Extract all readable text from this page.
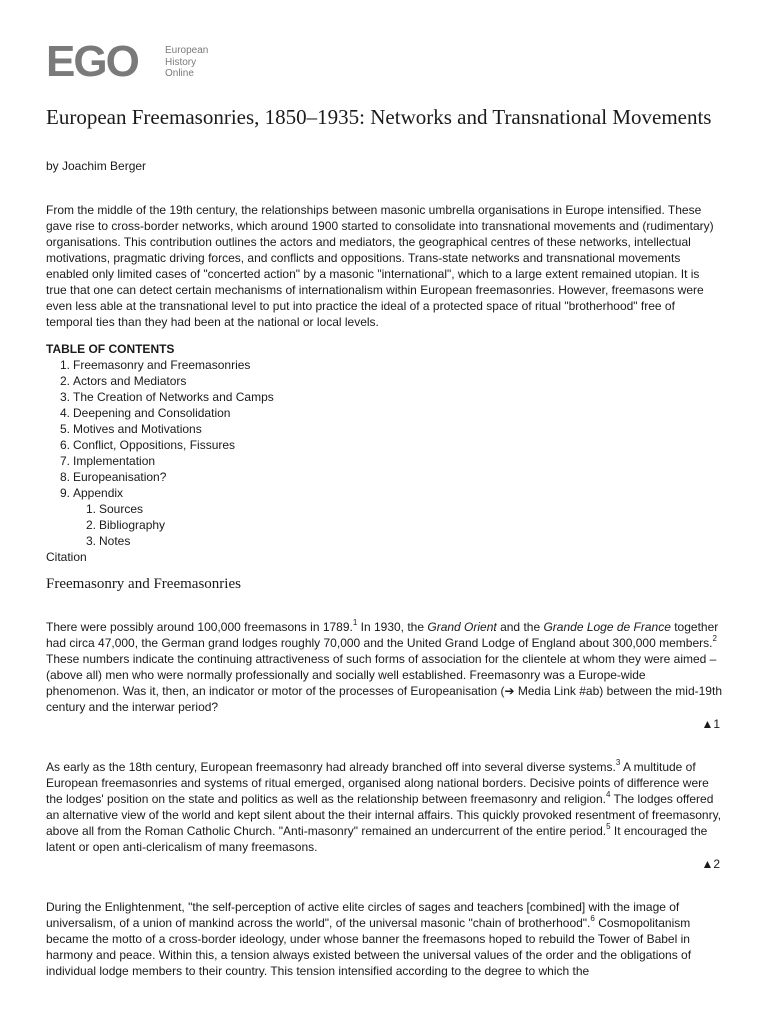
EGO	European
History
Online
European Freemasonries, 1850–1935: Networks and Transnational Movements
by Joachim Berger

From the middle of the 19th century, the relationships between masonic umbrella organisations in Europe intensified. These gave rise to cross-border networks, which around 1900 started to consolidate into transnational movements and (rudimentary) organisations. This contribution outlines the actors and mediators, the geographical centres of these networks, intellectual motivations, pragmatic driving forces, and conflicts and oppositions. Trans-state networks and transnational movements enabled only limited cases of "concerted action" by a masonic "international", which to a large extent remained utopian. It is true that one can detect certain mechanisms of internationalism within European freemasonries. However, freemasons were even less able at the transnational level to put into practice the ideal of a protected space of ritual "brotherhood" free of temporal ties than they had been at the national or local levels.

TABLE OF CONTENTS
1. Freemasonry and Freemasonries
2. Actors and Mediators
3. The Creation of Networks and Camps
4. Deepening and Consolidation
5. Motives and Motivations
6. Conflict, Oppositions, Fissures
7. Implementation
8. Europeanisation?
9. Appendix
1. Sources
2. Bibliography
3. Notes
Citation
Freemasonry and Freemasonries

There were possibly around 100,000 freemasons in 1789.$^1$ In 1930, the Grand Orient and the Grande Loge de France together had circa 47,000, the German grand lodges roughly 70,000 and the United Grand Lodge of England about 300,000 members.$^2$ These numbers indicate the continuing attractiveness of such forms of association for the clientele at whom they were aimed – (above all) men who were normally professionally and socially well established. Freemasonry was a Europe-wide phenomenon. Was it, then, an indicator or motor of the processes of Europeanisation (➔ Media Link #ab) between the mid-19th century and the interwar period?

▲1

As early as the 18th century, European freemasonry had already branched off into several diverse systems.$^3$ A multitude of European freemasonries and systems of ritual emerged, organised along national borders. Decisive points of difference were the lodges' position on the state and politics as well as the relationship between freemasonry and religion.$^4$ The lodges offered an alternative view of the world and kept silent about the their internal affairs. This quickly provoked resentment of freemasonry, above all from the Roman Catholic Church. "Anti-masonry" remained an undercurrent of the entire period.$^5$ It encouraged the latent or open anti-clericalism of many freemasons.

▲2

During the Enlightenment, "the self-perception of active elite circles of sages and teachers [combined] with the image of universalism, of a union of mankind across the world", of the universal masonic "chain of brotherhood".$^6$ Cosmopolitanism became the motto of a cross-border ideology, under whose banner the freemasons hoped to rebuild the Tower of Babel in harmony and peace. Within this, a tension always existed between the universal values of the order and the obligations of individual lodge members to their country. This tension intensified according to the degree to which the
